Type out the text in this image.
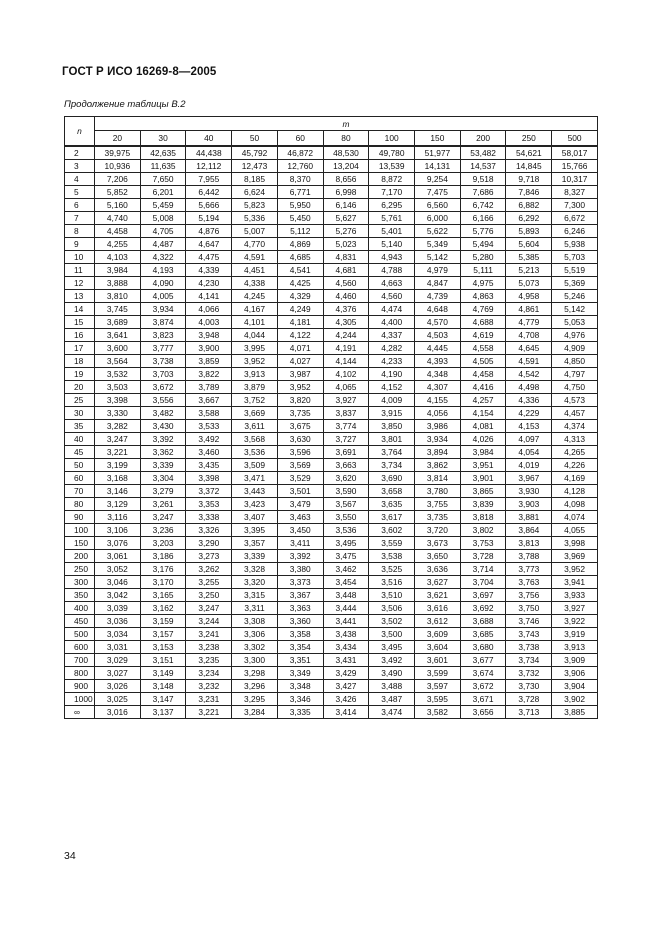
ГОСТ Р ИСО 16269-8—2005
Продолжение таблицы В.2
n	m										
	20	30	40	50	60	80	100	150	200	250	500
2	39,975	42,635	44,438	45,792	46,872	48,530	49,780	51,977	53,482	54,621	58,017
3	10,936	11,635	12,112	12,473	12,760	13,204	13,539	14,131	14,537	14,845	15,766
4	7,206	7,650	7,955	8,185	8,370	8,656	8,872	9,254	9,518	9,718	10,317
5	5,852	6,201	6,442	6,624	6,771	6,998	7,170	7,475	7,686	7,846	8,327
6	5,160	5,459	5,666	5,823	5,950	6,146	6,295	6,560	6,742	6,882	7,300
7	4,740	5,008	5,194	5,336	5,450	5,627	5,761	6,000	6,166	6,292	6,672
8	4,458	4,705	4,876	5,007	5,112	5,276	5,401	5,622	5,776	5,893	6,246
9	4,255	4,487	4,647	4,770	4,869	5,023	5,140	5,349	5,494	5,604	5,938
10	4,103	4,322	4,475	4,591	4,685	4,831	4,943	5,142	5,280	5,385	5,703
11	3,984	4,193	4,339	4,451	4,541	4,681	4,788	4,979	5,111	5,213	5,519
12	3,888	4,090	4,230	4,338	4,425	4,560	4,663	4,847	4,975	5,073	5,369
13	3,810	4,005	4,141	4,245	4,329	4,460	4,560	4,739	4,863	4,958	5,246
14	3,745	3,934	4,066	4,167	4,249	4,376	4,474	4,648	4,769	4,861	5,142
15	3,689	3,874	4,003	4,101	4,181	4,305	4,400	4,570	4,688	4,779	5,053
16	3,641	3,823	3,948	4,044	4,122	4,244	4,337	4,503	4,619	4,708	4,976
17	3,600	3,777	3,900	3,995	4,071	4,191	4,282	4,445	4,558	4,645	4,909
18	3,564	3,738	3,859	3,952	4,027	4,144	4,233	4,393	4,505	4,591	4,850
19	3,532	3,703	3,822	3,913	3,987	4,102	4,190	4,348	4,458	4,542	4,797
20	3,503	3,672	3,789	3,879	3,952	4,065	4,152	4,307	4,416	4,498	4,750
25	3,398	3,556	3,667	3,752	3,820	3,927	4,009	4,155	4,257	4,336	4,573
30	3,330	3,482	3,588	3,669	3,735	3,837	3,915	4,056	4,154	4,229	4,457
35	3,282	3,430	3,533	3,611	3,675	3,774	3,850	3,986	4,081	4,153	4,374
40	3,247	3,392	3,492	3,568	3,630	3,727	3,801	3,934	4,026	4,097	4,313
45	3,221	3,362	3,460	3,536	3,596	3,691	3,764	3,894	3,984	4,054	4,265
50	3,199	3,339	3,435	3,509	3,569	3,663	3,734	3,862	3,951	4,019	4,226
60	3,168	3,304	3,398	3,471	3,529	3,620	3,690	3,814	3,901	3,967	4,169
70	3,146	3,279	3,372	3,443	3,501	3,590	3,658	3,780	3,865	3,930	4,128
80	3,129	3,261	3,353	3,423	3,479	3,567	3,635	3,755	3,839	3,903	4,098
90	3,116	3,247	3,338	3,407	3,463	3,550	3,617	3,735	3,818	3,881	4,074
100	3,106	3,236	3,326	3,395	3,450	3,536	3,602	3,720	3,802	3,864	4,055
150	3,076	3,203	3,290	3,357	3,411	3,495	3,559	3,673	3,753	3,813	3,998
200	3,061	3,186	3,273	3,339	3,392	3,475	3,538	3,650	3,728	3,788	3,969
250	3,052	3,176	3,262	3,328	3,380	3,462	3,525	3,636	3,714	3,773	3,952
300	3,046	3,170	3,255	3,320	3,373	3,454	3,516	3,627	3,704	3,763	3,941
350	3,042	3,165	3,250	3,315	3,367	3,448	3,510	3,621	3,697	3,756	3,933
400	3,039	3,162	3,247	3,311	3,363	3,444	3,506	3,616	3,692	3,750	3,927
450	3,036	3,159	3,244	3,308	3,360	3,441	3,502	3,612	3,688	3,746	3,922
500	3,034	3,157	3,241	3,306	3,358	3,438	3,500	3,609	3,685	3,743	3,919
600	3,031	3,153	3,238	3,302	3,354	3,434	3,495	3,604	3,680	3,738	3,913
700	3,029	3,151	3,235	3,300	3,351	3,431	3,492	3,601	3,677	3,734	3,909
800	3,027	3,149	3,234	3,298	3,349	3,429	3,490	3,599	3,674	3,732	3,906
900	3,026	3,148	3,232	3,296	3,348	3,427	3,488	3,597	3,672	3,730	3,904
1000	3,025	3,147	3,231	3,295	3,346	3,426	3,487	3,595	3,671	3,728	3,902
∞	3,016	3,137	3,221	3,284	3,335	3,414	3,474	3,582	3,656	3,713	3,885
34
